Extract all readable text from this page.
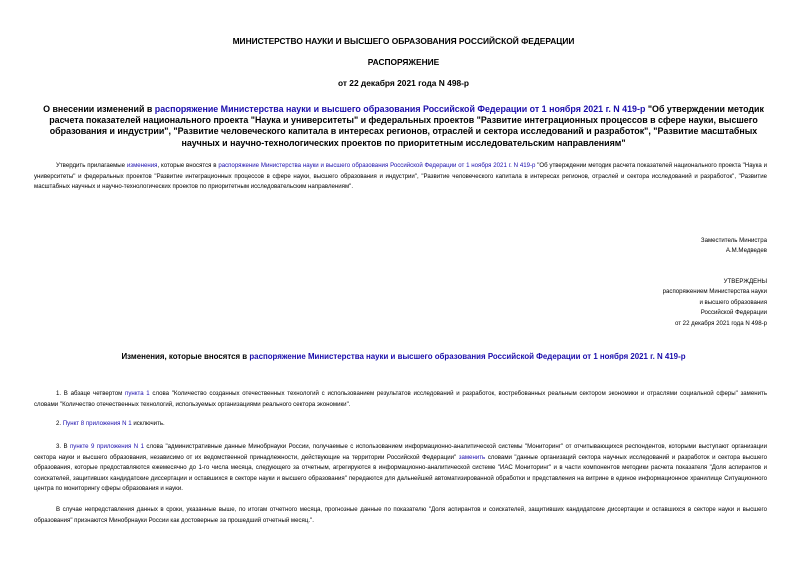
МИНИСТЕРСТВО НАУКИ И ВЫСШЕГО ОБРАЗОВАНИЯ РОССИЙСКОЙ ФЕДЕРАЦИИ
РАСПОРЯЖЕНИЕ
от 22 декабря 2021 года N 498-р
О внесении изменений в распоряжение Министерства науки и высшего образования Российской Федерации от 1 ноября 2021 г. N 419-р "Об утверждении методик расчета показателей национального проекта "Наука и университеты" и федеральных проектов "Развитие интеграционных процессов в сфере науки, высшего образования и индустрии", "Развитие человеческого капитала в интересах регионов, отраслей и сектора исследований и разработок", "Развитие масштабных научных и научно-технологических проектов по приоритетным исследовательским направлениям"
Утвердить прилагаемые изменения, которые вносятся в распоряжение Министерства науки и высшего образования Российской Федерации от 1 ноября 2021 г. N 419-р "Об утверждении методик расчета показателей национального проекта "Наука и университеты" и федеральных проектов "Развитие интеграционных процессов в сфере науки, высшего образования и индустрии", "Развитие человеческого капитала в интересах регионов, отраслей и сектора исследований и разработок", "Развитие масштабных научных и научно-технологических проектов по приоритетным исследовательским направлениям".
Заместитель Министра
А.М.Медведев
УТВЕРЖДЕНЫ
распоряжением Министерства науки
и высшего образования
Российской Федерации
от 22 декабря 2021 года N 498-р
Изменения, которые вносятся в распоряжение Министерства науки и высшего образования Российской Федерации от 1 ноября 2021 г. N 419-р
1. В абзаце четвертом пункта 1 слова "Количество созданных отечественных технологий с использованием результатов исследований и разработок, востребованных реальным сектором экономики и отраслями социальной сферы" заменить словами "Количество отечественных технологий, используемых организациями реального сектора экономики".
2. Пункт 8 приложения N 1 исключить.
3. В пункте 9 приложения N 1 слова "административные данные Минобрнауки России, получаемые с использованием информационно-аналитической системы "Мониторинг" от отчитывающихся респондентов, которыми выступают организации сектора науки и высшего образования, независимо от их ведомственной принадлежности, действующие на территории Российской Федерации" заменить словами "данные организаций сектора научных исследований и разработок и сектора высшего образования, которые предоставляются ежемесячно до 1-го числа месяца, следующего за отчетным, агрегируются в информационно-аналитической системе "ИАС Мониторинг" и в части компонентов методики расчета показателя "Доля аспирантов и соискателей, защитивших кандидатские диссертации и оставшихся в секторе науки и высшего образования" передаются для дальнейшей автоматизированной обработки и представления на витрине в единое информационное хранилище Ситуационного центра по мониторингу сферы образования и науки.
В случае непредставления данных в сроки, указанные выше, по итогам отчетного месяца, прогнозные данные по показателю "Доля аспирантов и соискателей, защитивших кандидатские диссертации и оставшихся в секторе науки и высшего образования" признаются Минобрнауки России как достоверные за прошедший отчетный месяц.".
